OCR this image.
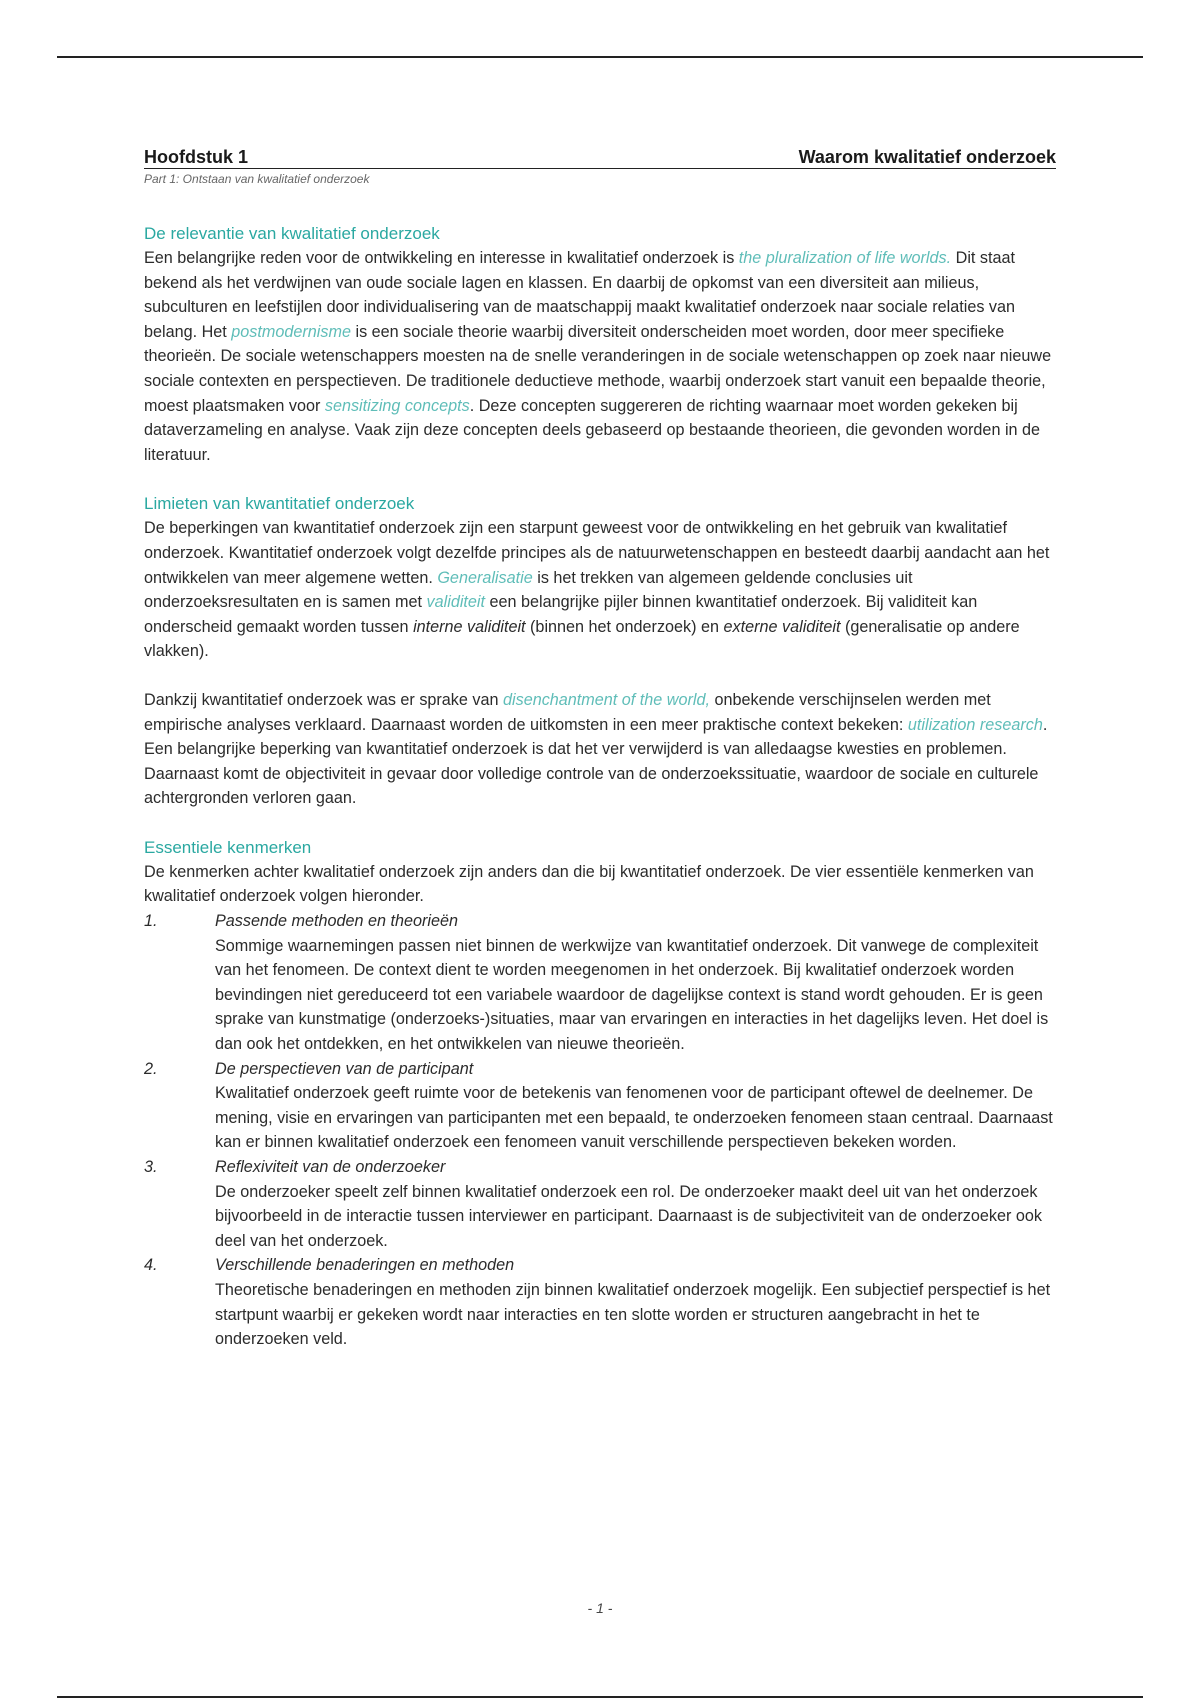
Hoofdstuk 1	Waarom kwalitatief onderzoek
Part 1: Ontstaan van kwalitatief onderzoek
De relevantie van kwalitatief onderzoek

Een belangrijke reden voor de ontwikkeling en interesse in kwalitatief onderzoek is the pluralization of life worlds. Dit staat bekend als het verdwijnen van oude sociale lagen en klassen. En daarbij de opkomst van een diversiteit aan milieus, subculturen en leefstijlen door individualisering van de maatschappij maakt kwalitatief onderzoek naar sociale relaties van belang. Het postmodernisme is een sociale theorie waarbij diversiteit onderscheiden moet worden, door meer specifieke theorieën. De sociale wetenschappers moesten na de snelle veranderingen in de sociale wetenschappen op zoek naar nieuwe sociale contexten en perspectieven. De traditionele deductieve methode, waarbij onderzoek start vanuit een bepaalde theorie, moest plaatsmaken voor sensitizing concepts. Deze concepten suggereren de richting waarnaar moet worden gekeken bij dataverzameling en analyse. Vaak zijn deze concepten deels gebaseerd op bestaande theorieen, die gevonden worden in de literatuur.

Limieten van kwantitatief onderzoek

De beperkingen van kwantitatief onderzoek zijn een starpunt geweest voor de ontwikkeling en het gebruik van kwalitatief onderzoek. Kwantitatief onderzoek volgt dezelfde principes als de natuurwetenschappen en besteedt daarbij aandacht aan het ontwikkelen van meer algemene wetten. Generalisatie is het trekken van algemeen geldende conclusies uit onderzoeksresultaten en is samen met validiteit een belangrijke pijler binnen kwantitatief onderzoek. Bij validiteit kan onderscheid gemaakt worden tussen interne validiteit (binnen het onderzoek) en externe validiteit (generalisatie op andere vlakken).

Dankzij kwantitatief onderzoek was er sprake van disenchantment of the world, onbekende verschijnselen werden met empirische analyses verklaard. Daarnaast worden de uitkomsten in een meer praktische context bekeken: utilization research. Een belangrijke beperking van kwantitatief onderzoek is dat het ver verwijderd is van alledaagse kwesties en problemen. Daarnaast komt de objectiviteit in gevaar door volledige controle van de onderzoekssituatie, waardoor de sociale en culturele achtergronden verloren gaan.

Essentiele kenmerken

De kenmerken achter kwalitatief onderzoek zijn anders dan die bij kwantitatief onderzoek. De vier essentiële kenmerken van kwalitatief onderzoek volgen hieronder.

1.	Passende methoden en theorieën
Sommige waarnemingen passen niet binnen de werkwijze van kwantitatief onderzoek. Dit vanwege de complexiteit van het fenomeen. De context dient te worden meegenomen in het onderzoek. Bij kwalitatief onderzoek worden bevindingen niet gereduceerd tot een variabele waardoor de dagelijkse context is stand wordt gehouden. Er is geen sprake van kunstmatige (onderzoeks-)situaties, maar van ervaringen en interacties in het dagelijks leven. Het doel is dan ook het ontdekken, en het ontwikkelen van nieuwe theorieën.
2.	De perspectieven van de participant
Kwalitatief onderzoek geeft ruimte voor de betekenis van fenomenen voor de participant oftewel de deelnemer. De mening, visie en ervaringen van participanten met een bepaald, te onderzoeken fenomeen staan centraal. Daarnaast kan er binnen kwalitatief onderzoek een fenomeen vanuit verschillende perspectieven bekeken worden.
3.	Reflexiviteit van de onderzoeker
De onderzoeker speelt zelf binnen kwalitatief onderzoek een rol. De onderzoeker maakt deel uit van het onderzoek bijvoorbeeld in de interactie tussen interviewer en participant. Daarnaast is de subjectiviteit van de onderzoeker ook deel van het onderzoek.
4.	Verschillende benaderingen en methoden
Theoretische benaderingen en methoden zijn binnen kwalitatief onderzoek mogelijk. Een subjectief perspectief is het startpunt waarbij er gekeken wordt naar interacties en ten slotte worden er structuren aangebracht in het te onderzoeken veld.
- 1 -
